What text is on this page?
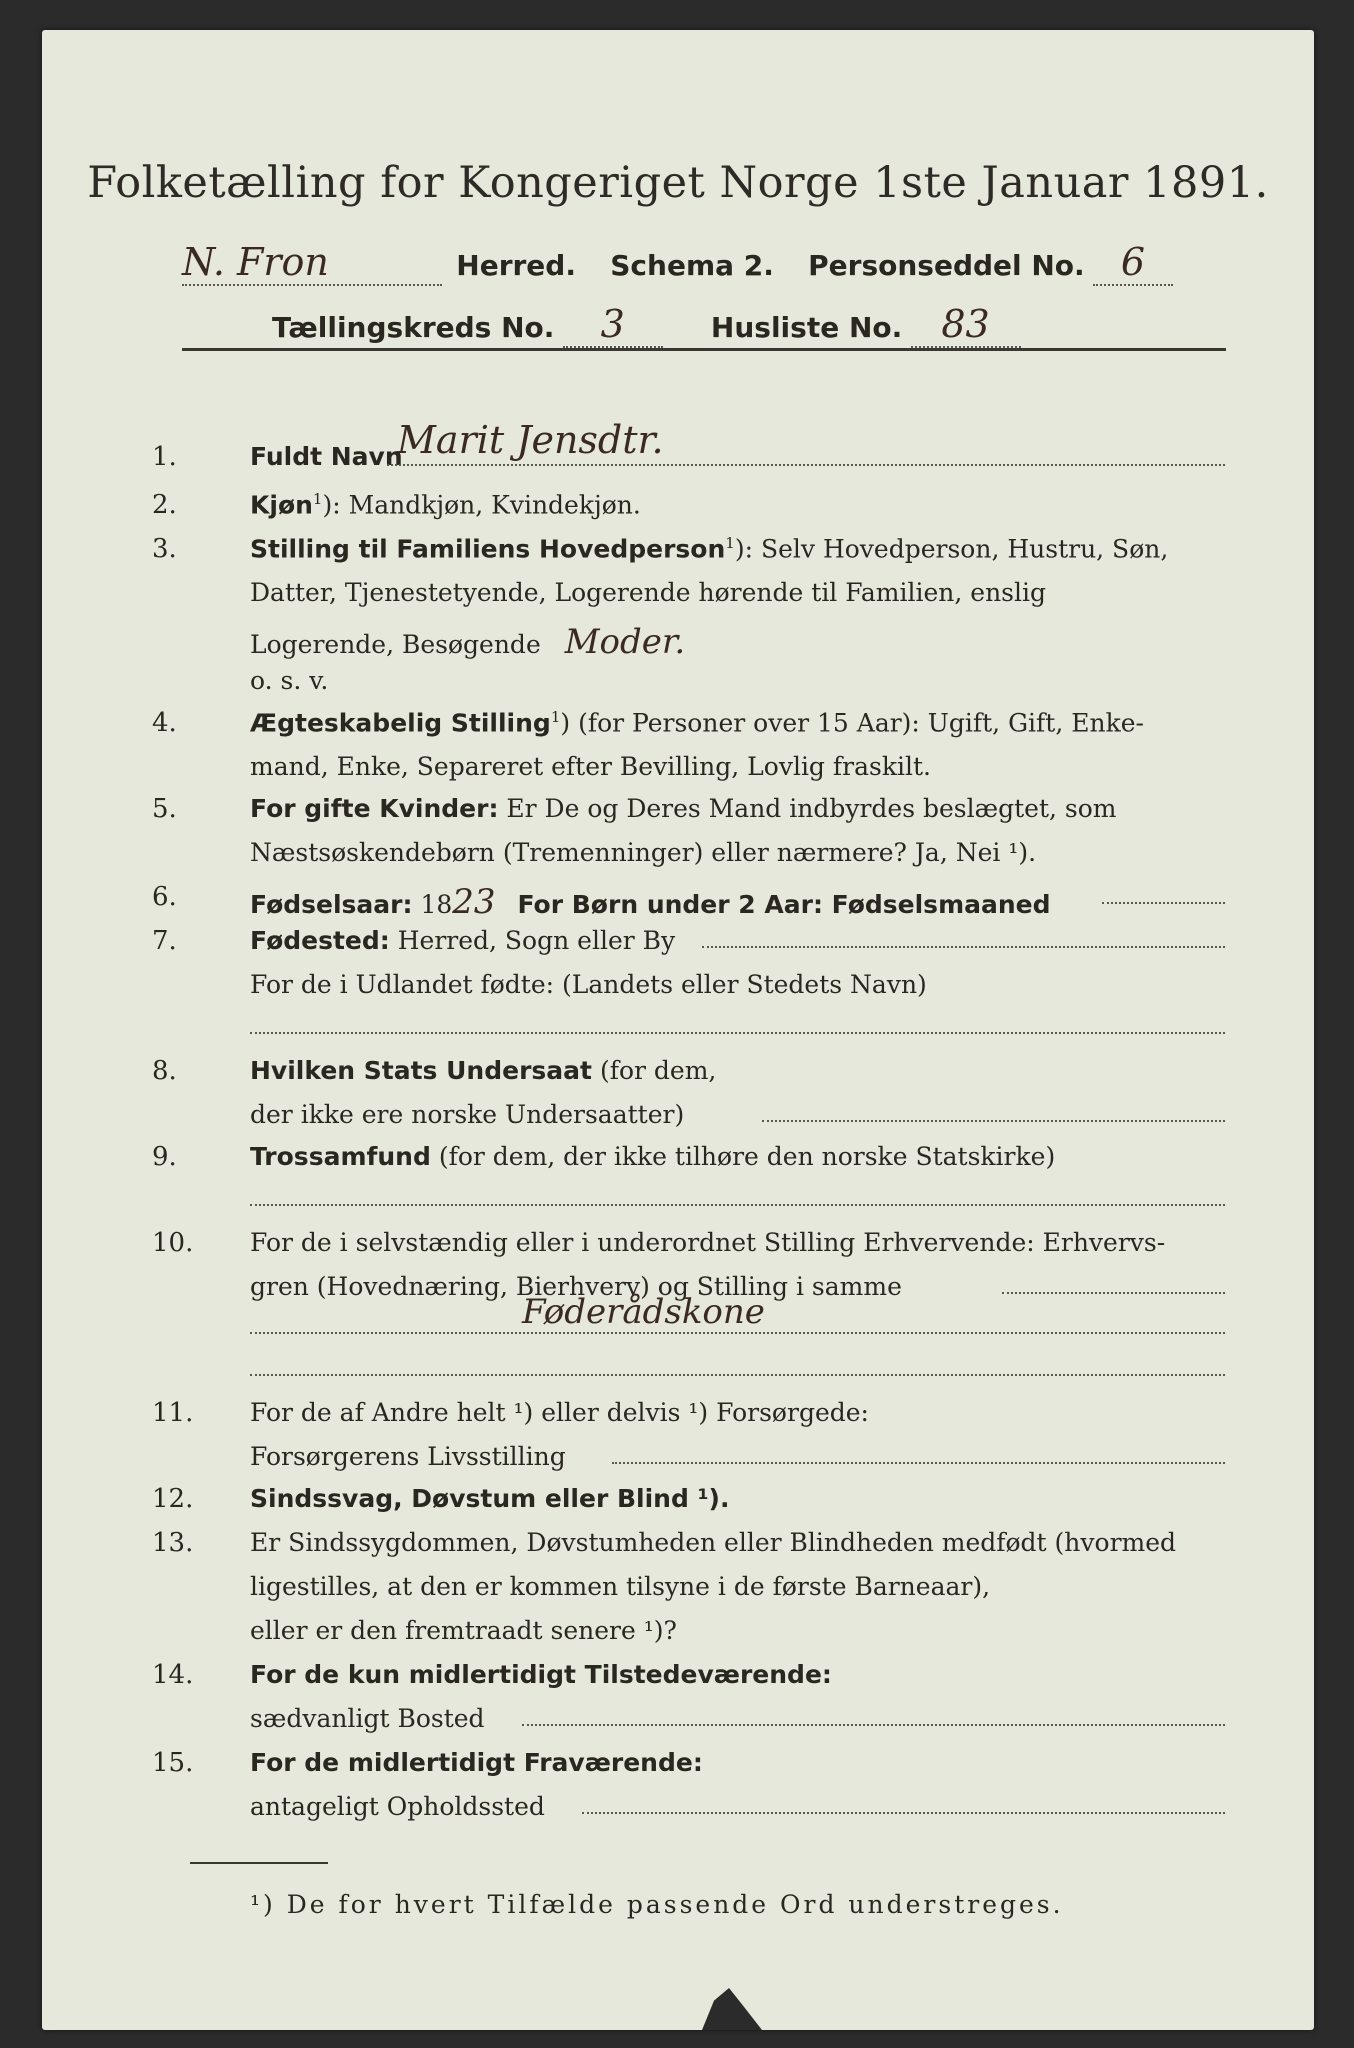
Folketælling for Kongeriget Norge 1ste Januar 1891.
N. Fron	Herred. Schema 2. Personseddel No. 6
Tællingskreds No. 3	Husliste No. 83
1.	Fuldt Navn
Marit Jensdtr.
2.	Kjøn$^1$): Mandkjøn, Kvindekjøn.
3.	Stilling til Familiens Hovedperson$^1$): Selv Hovedperson, Hustru, Søn,
Datter, Tjenestetyende, Logerende hørende til Familien, enslig
Logerende, Besøgende Moder.
o. s. v.
4.	Ægteskabelig Stilling$^1$) (for Personer over 15 Aar): Ugift, Gift, Enke-
mand, Enke, Separeret efter Bevilling, Lovlig fraskilt.
5.	For gifte Kvinder: Er De og Deres Mand indbyrdes beslægtet, som
Næstsøskendebørn (Tremenninger) eller nærmere? Ja, Nei ¹).
6.	Fødselsaar: 1823 For Børn under 2 Aar: Fødselsmaaned
7.	Fødested: Herred, Sogn eller By
For de i Udlandet fødte: (Landets eller Stedets Navn)
8.	Hvilken Stats Undersaat (for dem,
der ikke ere norske Undersaatter)
9.	Trossamfund (for dem, der ikke tilhøre den norske Statskirke)
10.	For de i selvstændig eller i underordnet Stilling Erhvervende: Erhvervs-
gren (Hovednæring, Bierhverv) og Stilling i samme
Føderådskone
11.	For de af Andre helt ¹) eller delvis ¹) Forsørgede:
Forsørgerens Livsstilling
12.	Sindssvag, Døvstum eller Blind ¹).
13.	Er Sindssygdommen, Døvstumheden eller Blindheden medfødt (hvormed
ligestilles, at den er kommen tilsyne i de første Barneaar),
eller er den fremtraadt senere ¹)?
14.	For de kun midlertidigt Tilstedeværende:
sædvanligt Bosted
15.	For de midlertidigt Fraværende:
antageligt Opholdssted
¹) De for hvert Tilfælde passende Ord understreges.
